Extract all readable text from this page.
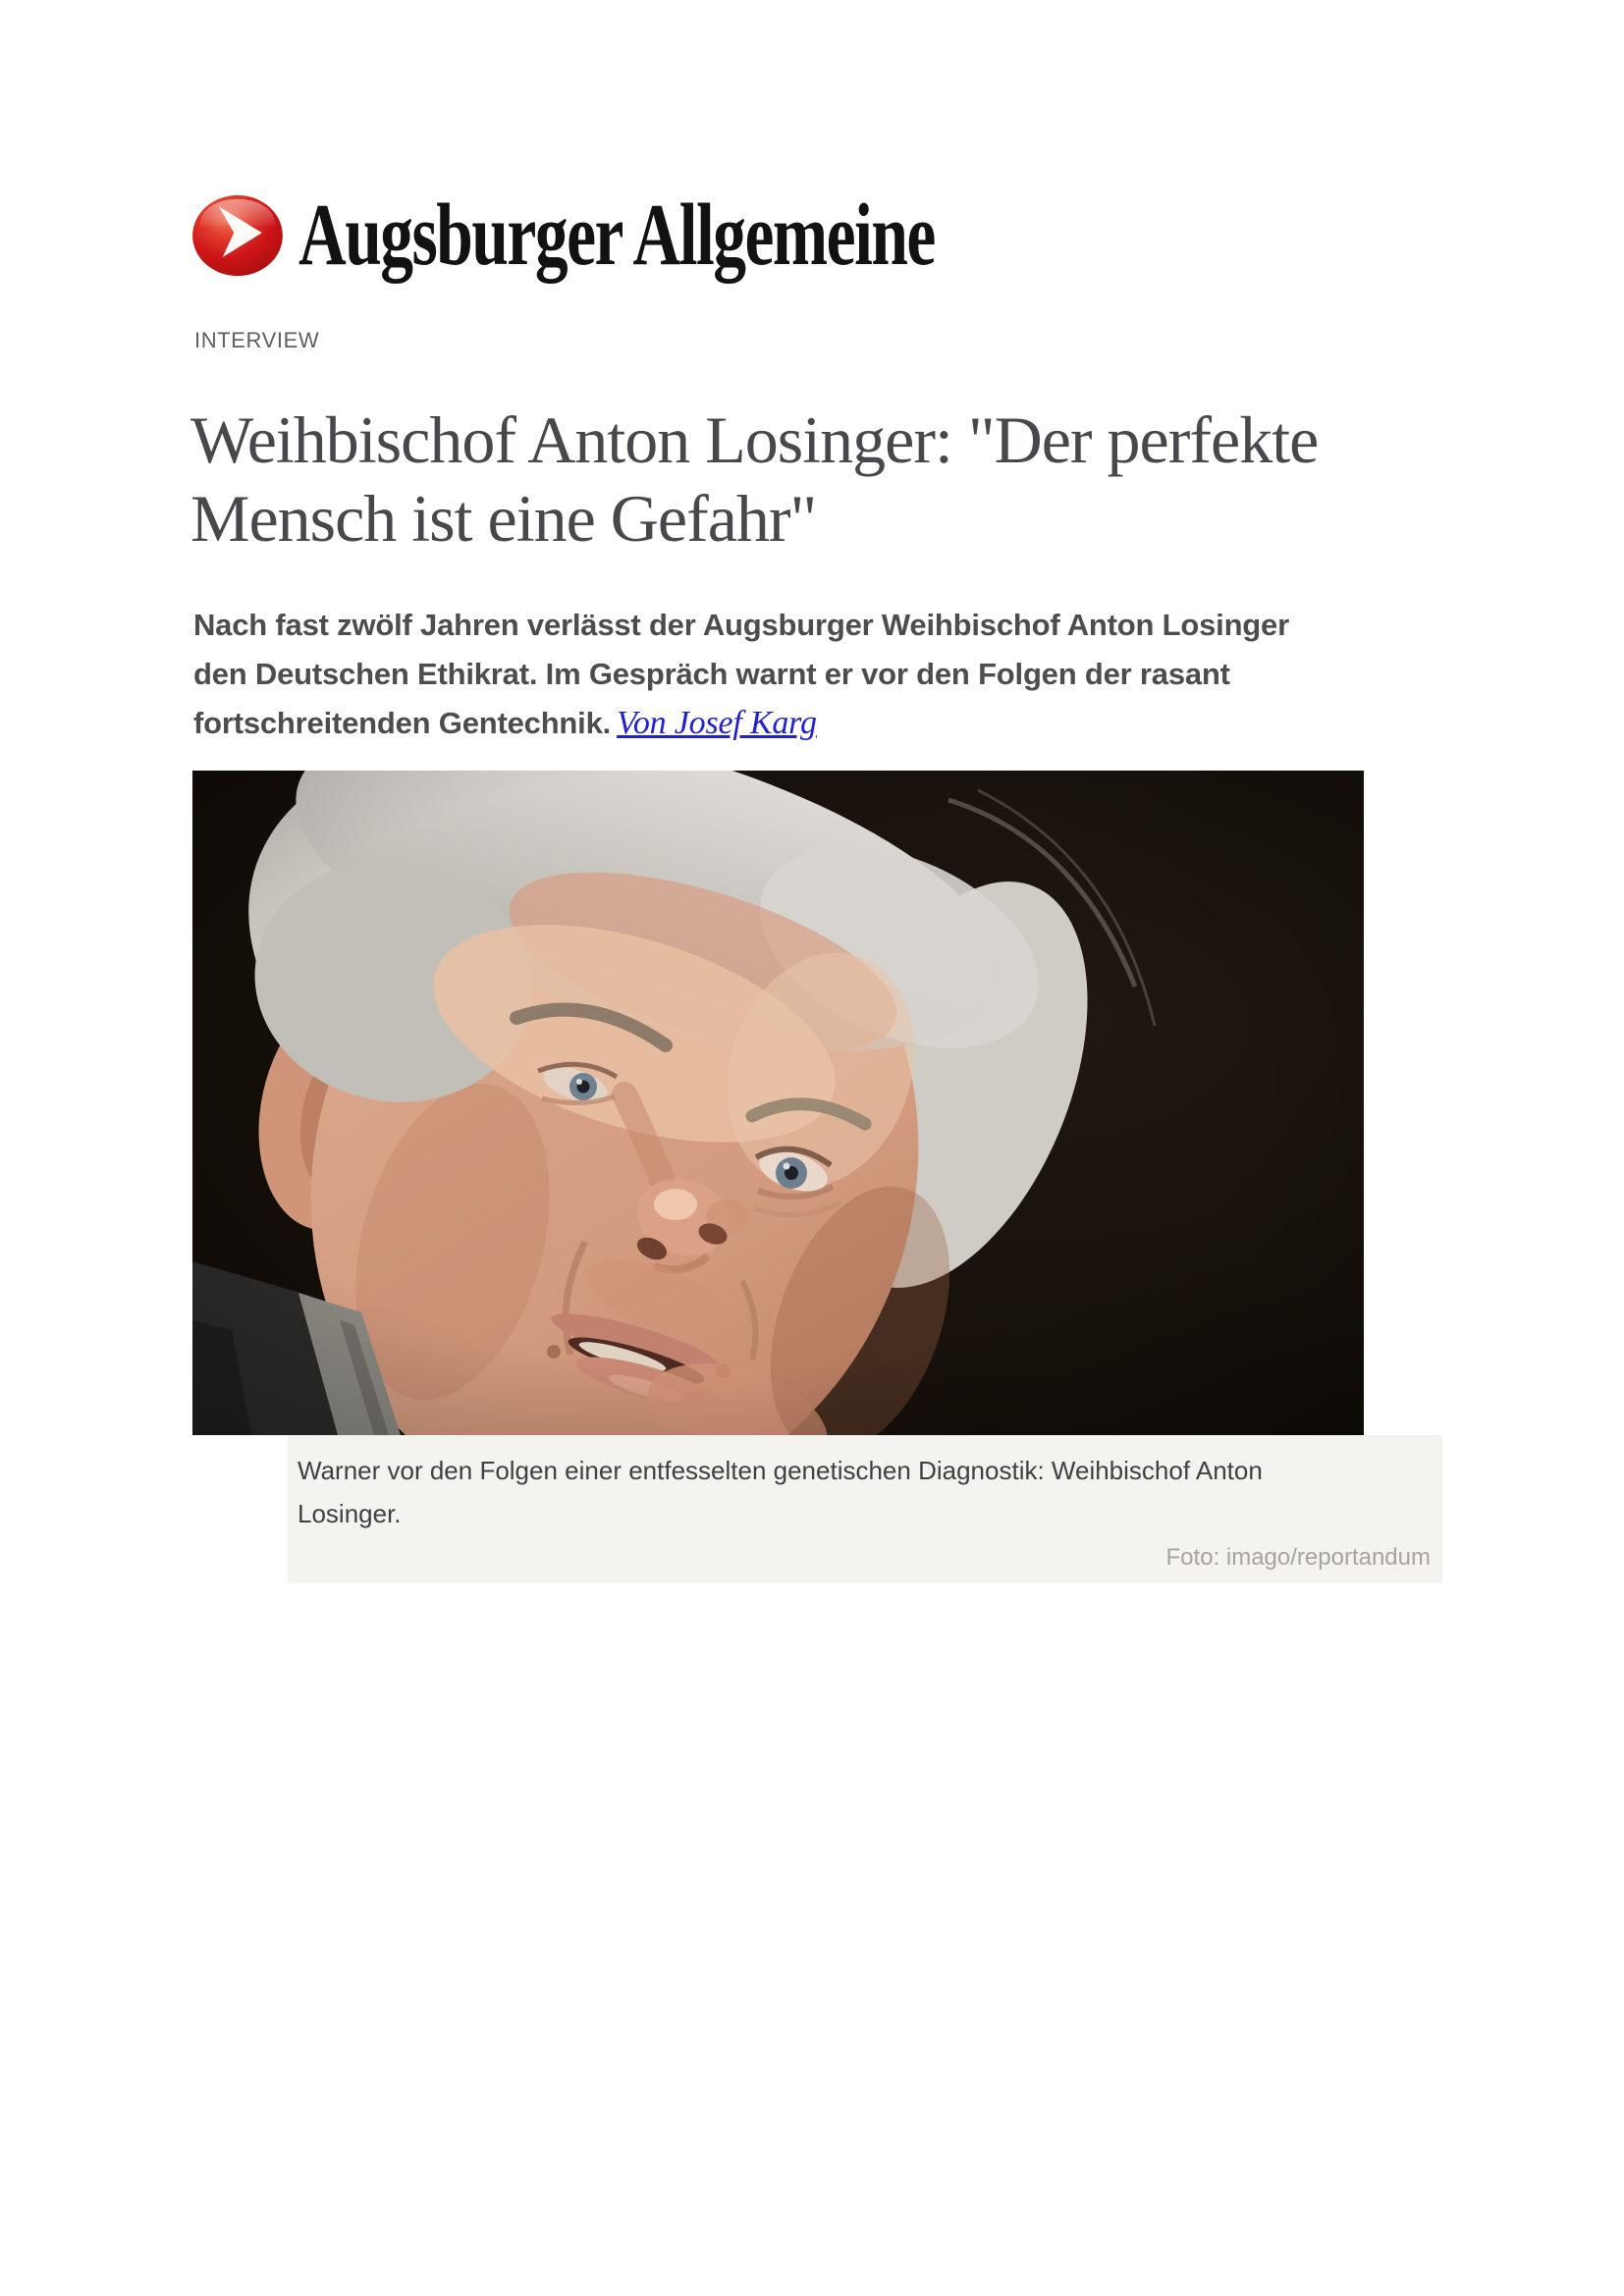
Augsburger Allgemeine
INTERVIEW
Weihbischof Anton Losinger: "Der perfekte
Mensch ist eine Gefahr"
Nach fast zwölf Jahren verlässt der Augsburger Weihbischof Anton Losinger
den Deutschen Ethikrat. Im Gespräch warnt er vor den Folgen der rasant
fortschreitenden Gentechnik. Von Josef Karg
Warner vor den Folgen einer entfesselten genetischen Diagnostik: Weihbischof Anton
Losinger.
Foto: imago/reportandum
